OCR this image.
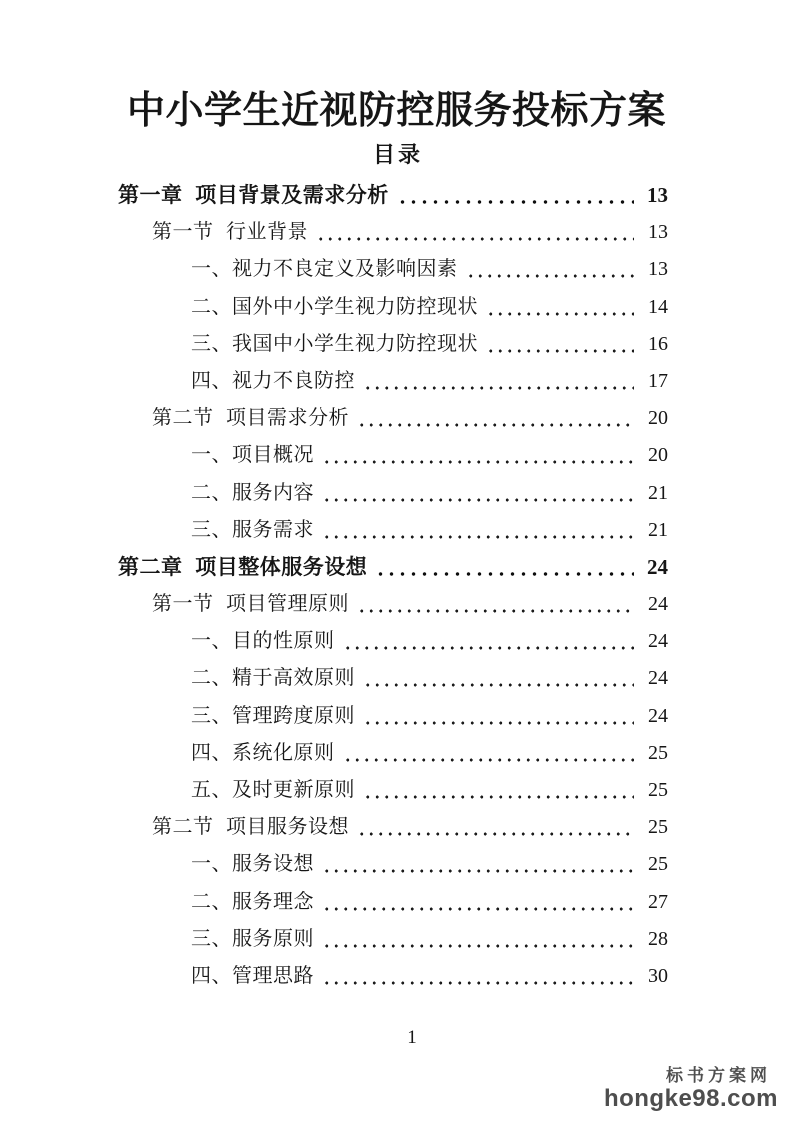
中小学生近视防控服务投标方案
目录
第一章 项目背景及需求分析	13
第一节 行业背景	13
一、视力不良定义及影响因素	13
二、国外中小学生视力防控现状	14
三、我国中小学生视力防控现状	16
四、视力不良防控	17
第二节 项目需求分析	20
一、项目概况	20
二、服务内容	21
三、服务需求	21
第二章 项目整体服务设想	24
第一节 项目管理原则	24
一、目的性原则	24
二、精于高效原则	24
三、管理跨度原则	24
四、系统化原则	25
五、及时更新原则	25
第二节 项目服务设想	25
一、服务设想	25
二、服务理念	27
三、服务原则	28
四、管理思路	30
1
标书方案网
hongke98.com
